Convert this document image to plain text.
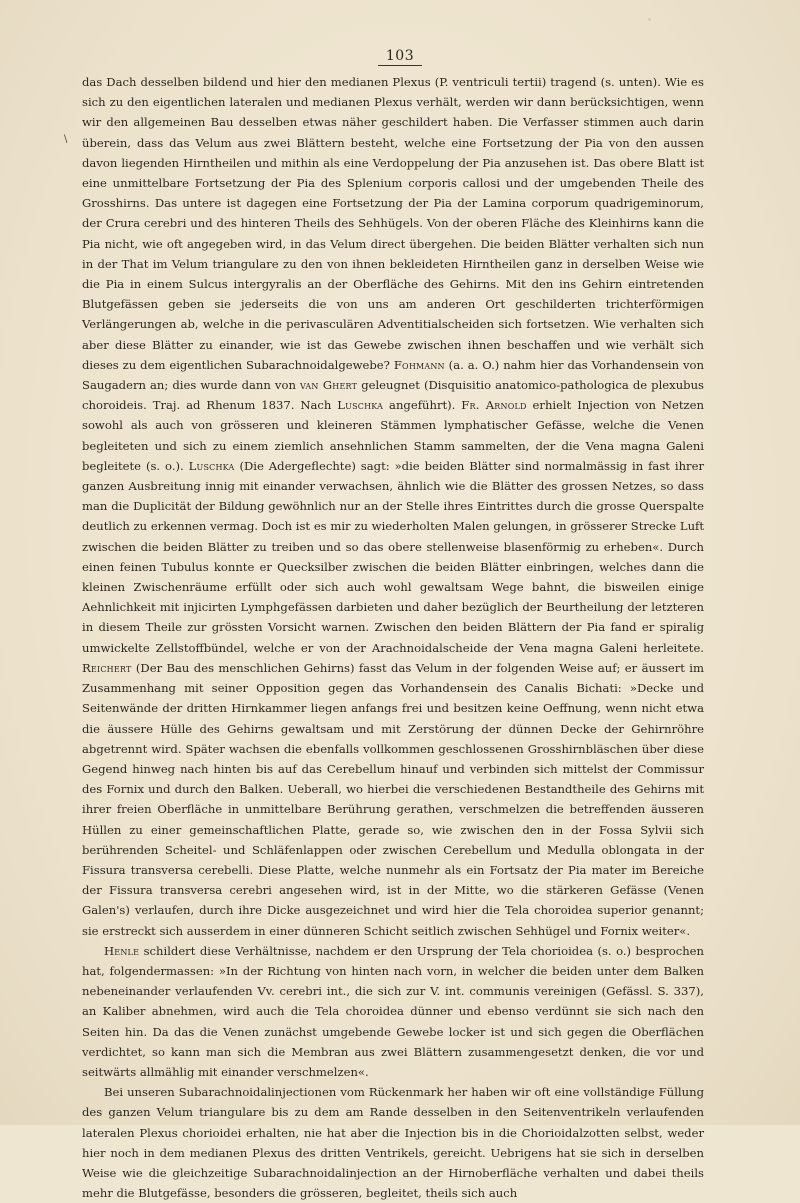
103
\

das Dach desselben bildend und hier den medianen Plexus (P. ventriculi tertii) tragend (s. unten). Wie es sich zu den eigentlichen lateralen und medianen Plexus verhält, werden wir dann berücksichtigen, wenn wir den allgemeinen Bau desselben etwas näher geschildert haben. Die Verfasser stimmen auch darin überein, dass das Velum aus zwei Blättern besteht, welche eine Fortsetzung der Pia von den aussen davon liegenden Hirntheilen und mithin als eine Verdoppelung der Pia anzusehen ist. Das obere Blatt ist eine unmittelbare Fortsetzung der Pia des Splenium corporis callosi und der umgebenden Theile des Grosshirns. Das untere ist dagegen eine Fortsetzung der Pia der Lamina corporum quadrigeminorum, der Crura cerebri und des hinteren Theils des Sehhügels. Von der oberen Fläche des Kleinhirns kann die Pia nicht, wie oft angegeben wird, in das Velum direct übergehen. Die beiden Blätter verhalten sich nun in der That im Velum triangulare zu den von ihnen bekleideten Hirntheilen ganz in derselben Weise wie die Pia in einem Sulcus intergyralis an der Oberfläche des Gehirns. Mit den ins Gehirn eintretenden Blutgefässen geben sie jederseits die von uns am anderen Ort geschilderten trichterförmigen Verlängerungen ab, welche in die perivasculären Adventitialscheiden sich fortsetzen. Wie verhalten sich aber diese Blätter zu einander, wie ist das Gewebe zwischen ihnen beschaffen und wie verhält sich dieses zu dem eigentlichen Subarachnoidalgewebe? Fohmann (a. a. O.) nahm hier das Vorhandensein von Saugadern an; dies wurde dann von van Ghert geleugnet (Disquisitio anatomico-pathologica de plexubus choroideis. Traj. ad Rhenum 1837. Nach Luschka angeführt). Fr. Arnold erhielt Injection von Netzen sowohl als auch von grösseren und kleineren Stämmen lymphatischer Gefässe, welche die Venen begleiteten und sich zu einem ziemlich ansehnlichen Stamm sammelten, der die Vena magna Galeni begleitete (s. o.). Luschka (Die Adergeflechte) sagt: »die beiden Blätter sind normalmässig in fast ihrer ganzen Ausbreitung innig mit einander verwachsen, ähnlich wie die Blätter des grossen Netzes, so dass man die Duplicität der Bildung gewöhnlich nur an der Stelle ihres Eintrittes durch die grosse Querspalte deutlich zu erkennen vermag. Doch ist es mir zu wiederholten Malen gelungen, in grösserer Strecke Luft zwischen die beiden Blätter zu treiben und so das obere stellenweise blasenförmig zu erheben«. Durch einen feinen Tubulus konnte er Quecksilber zwischen die beiden Blätter einbringen, welches dann die kleinen Zwischenräume erfüllt oder sich auch wohl gewaltsam Wege bahnt, die bisweilen einige Aehnlichkeit mit injicirten Lymphgefässen darbieten und daher bezüglich der Beurtheilung der letzteren in diesem Theile zur grössten Vorsicht warnen. Zwischen den beiden Blättern der Pia fand er spiralig umwickelte Zellstoffbündel, welche er von der Arachnoidalscheide der Vena magna Galeni herleitete. Reichert (Der Bau des menschlichen Gehirns) fasst das Velum in der folgenden Weise auf; er äussert im Zusammenhang mit seiner Opposition gegen das Vorhandensein des Canalis Bichati: »Decke und Seitenwände der dritten Hirnkammer liegen anfangs frei und besitzen keine Oeffnung, wenn nicht etwa die äussere Hülle des Gehirns gewaltsam und mit Zerstörung der dünnen Decke der Gehirnröhre abgetrennt wird. Später wachsen die ebenfalls vollkommen geschlossenen Grosshirnbläschen über diese Gegend hinweg nach hinten bis auf das Cerebellum hinauf und verbinden sich mittelst der Commissur des Fornix und durch den Balken. Ueberall, wo hierbei die verschiedenen Bestandtheile des Gehirns mit ihrer freien Oberfläche in unmittelbare Berührung gerathen, verschmelzen die betreffenden äusseren Hüllen zu einer gemeinschaftlichen Platte, gerade so, wie zwischen den in der Fossa Sylvii sich berührenden Scheitel- und Schläfenlappen oder zwischen Cerebellum und Medulla oblongata in der Fissura transversa cerebelli. Diese Platte, welche nunmehr als ein Fortsatz der Pia mater im Bereiche der Fissura transversa cerebri angesehen wird, ist in der Mitte, wo die stärkeren Gefässe (Venen Galen's) verlaufen, durch ihre Dicke ausgezeichnet und wird hier die Tela choroidea superior genannt; sie erstreckt sich ausserdem in einer dünneren Schicht seitlich zwischen Sehhügel und Fornix weiter«.

Henle schildert diese Verhältnisse, nachdem er den Ursprung der Tela chorioidea (s. o.) besprochen hat, folgendermassen: »In der Richtung von hinten nach vorn, in welcher die beiden unter dem Balken nebeneinander verlaufenden Vv. cerebri int., die sich zur V. int. communis vereinigen (Gefässl. S. 337), an Kaliber abnehmen, wird auch die Tela choroidea dünner und ebenso verdünnt sie sich nach den Seiten hin. Da das die Venen zunächst umgebende Gewebe locker ist und sich gegen die Oberflächen verdichtet, so kann man sich die Membran aus zwei Blättern zusammengesetzt denken, die vor und seitwärts allmählig mit einander verschmelzen«.

Bei unseren Subarachnoidalinjectionen vom Rückenmark her haben wir oft eine vollständige Füllung des ganzen Velum triangulare bis zu dem am Rande desselben in den Seitenventrikeln verlaufenden lateralen Plexus chorioidei erhalten, nie hat aber die Injection bis in die Chorioidalzotten selbst, weder hier noch in dem medianen Plexus des dritten Ventrikels, gereicht. Uebrigens hat sie sich in derselben Weise wie die gleichzeitige Subarachnoidalinjection an der Hirnoberfläche verhalten und dabei theils mehr die Blutgefässe, besonders die grösseren, begleitet, theils sich auch
